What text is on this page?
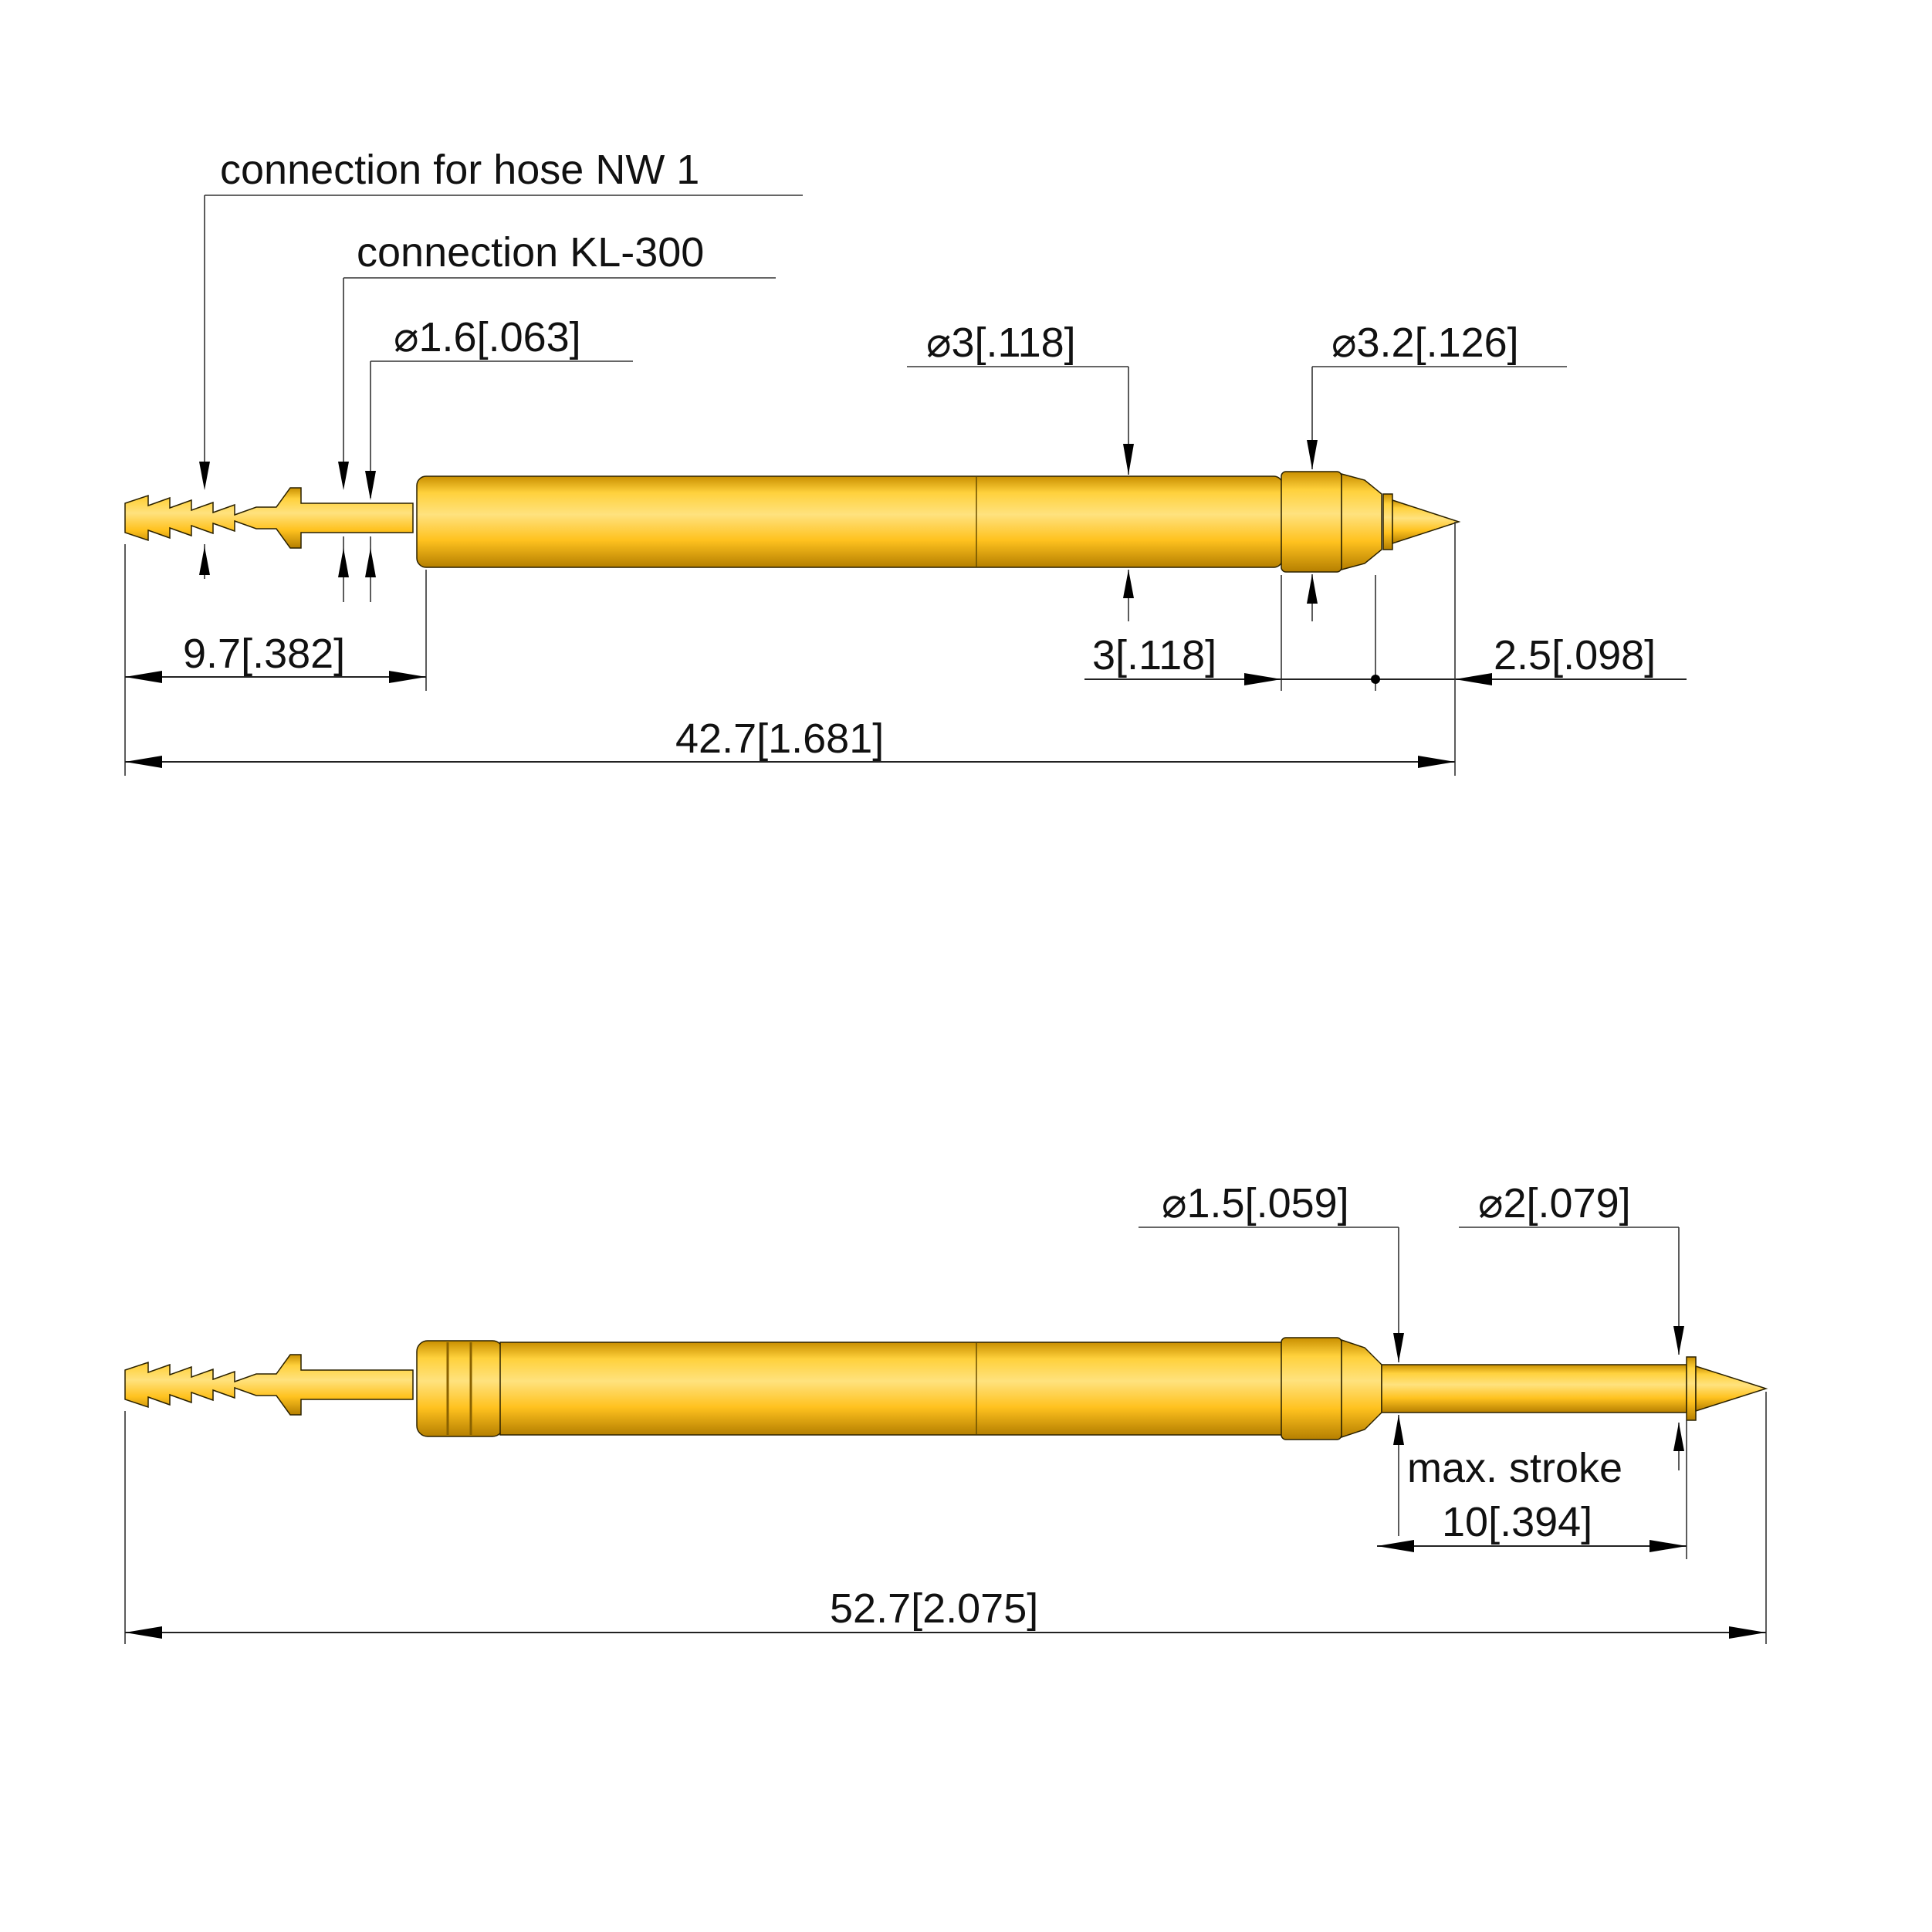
connection for hose NW 1
connection KL-300
⌀1.6[.063]	⌀3[.118]	⌀3.2[.126]
9.7[.382]	3[.118]	2.5[.098]
42.7[1.681]
⌀1.5[.059]	⌀2[.079]
max. stroke
10[.394]
52.7[2.075]
